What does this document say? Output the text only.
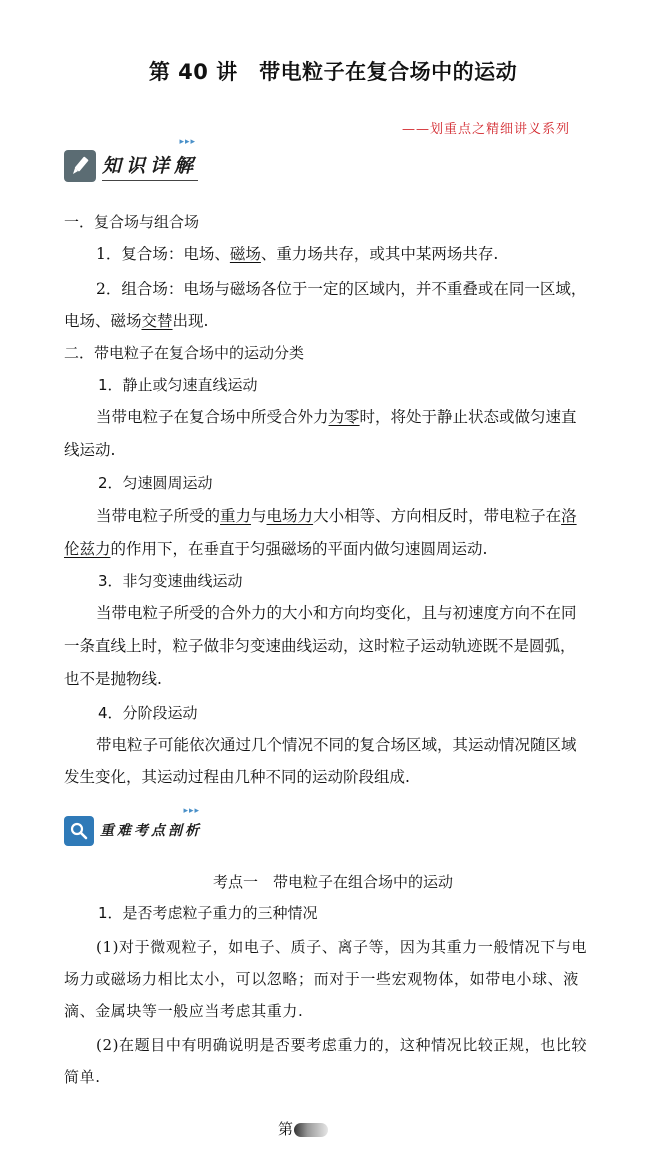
第 40 讲　带电粒子在复合场中的运动
——划重点之精细讲义系列
知识详解
▸▸▸
一．复合场与组合场
1．复合场：电场、磁场、重力场共存，或其中某两场共存.
2．组合场：电场与磁场各位于一定的区域内，并不重叠或在同一区域，
电场、磁场交替出现.
二．带电粒子在复合场中的运动分类
1．静止或匀速直线运动
当带电粒子在复合场中所受合外力为零时，将处于静止状态或做匀速直
线运动.
2．匀速圆周运动
当带电粒子所受的重力与电场力大小相等、方向相反时，带电粒子在洛
伦兹力的作用下，在垂直于匀强磁场的平面内做匀速圆周运动.
3．非匀变速曲线运动
当带电粒子所受的合外力的大小和方向均变化，且与初速度方向不在同
一条直线上时，粒子做非匀变速曲线运动，这时粒子运动轨迹既不是圆弧，
也不是抛物线.
4．分阶段运动
带电粒子可能依次通过几个情况不同的复合场区域，其运动情况随区域
发生变化，其运动过程由几种不同的运动阶段组成.
重难考点剖析
▸▸▸
考点一　带电粒子在组合场中的运动
1．是否考虑粒子重力的三种情况
(1)对于微观粒子，如电子、质子、离子等，因为其重力一般情况下与电
场力或磁场力相比太小，可以忽略；而对于一些宏观物体，如带电小球、液
滴、金属块等一般应当考虑其重力.
(2)在题目中有明确说明是否要考虑重力的，这种情况比较正规，也比较
简单.
第
